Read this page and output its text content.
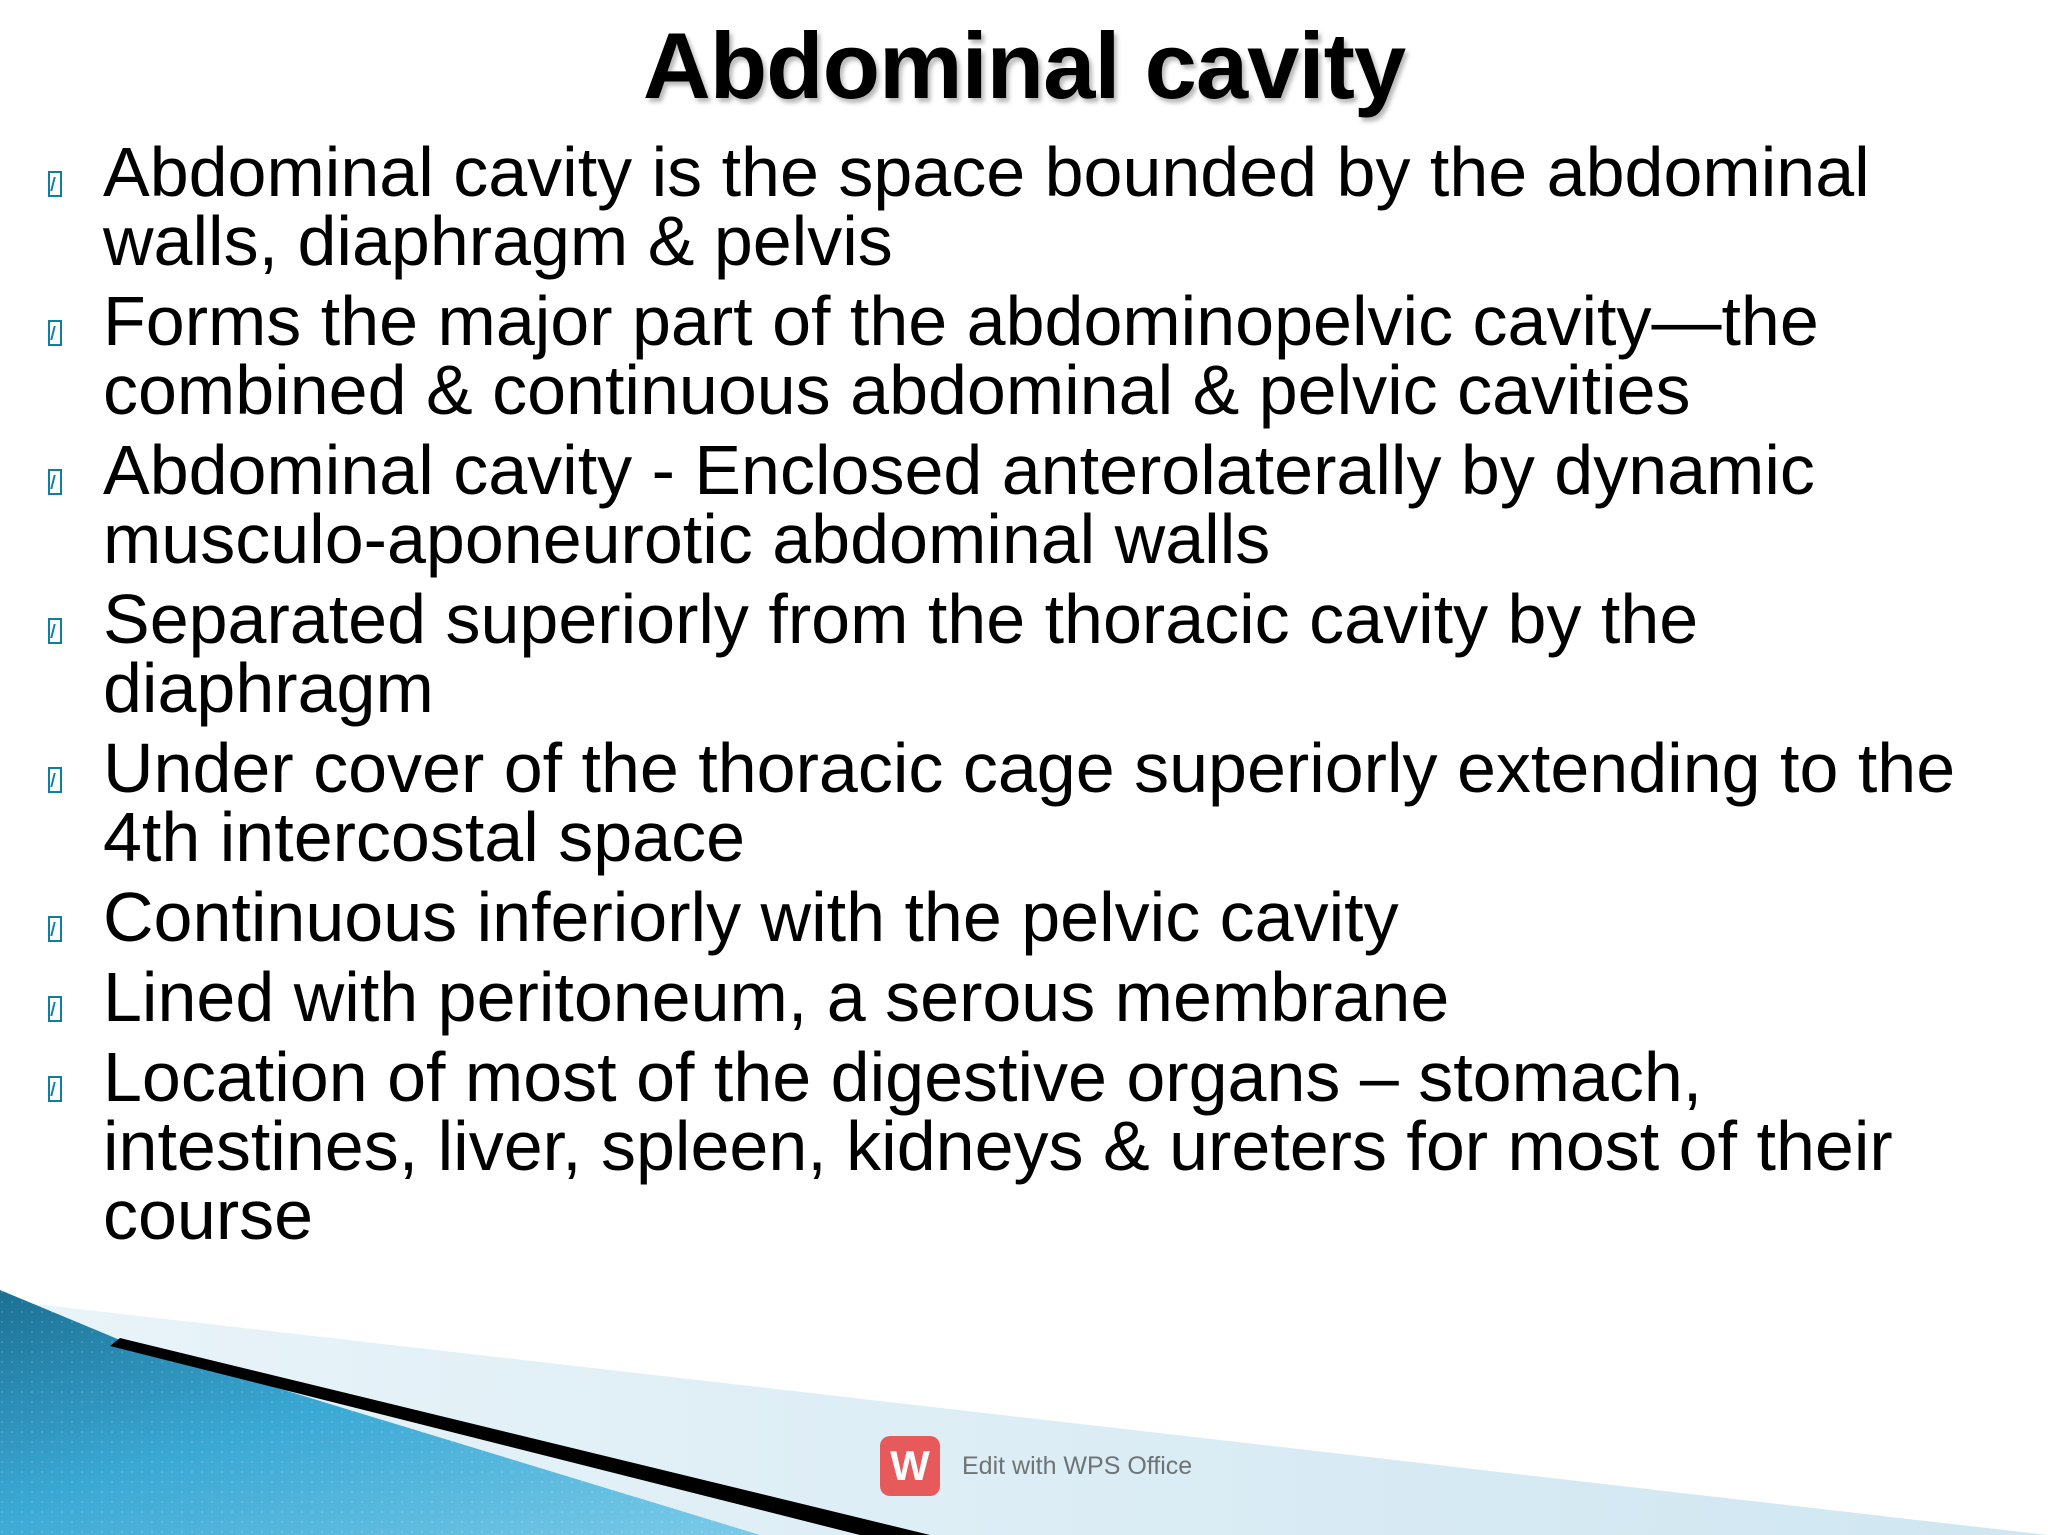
Abdominal cavity
Abdominal cavity is the space bounded by the abdominal walls, diaphragm & pelvis
Forms the major part of the abdominopelvic cavity—the combined & continuous abdominal & pelvic cavities
Abdominal cavity - Enclosed anterolaterally by dynamic musculo-aponeurotic abdominal walls
Separated superiorly from the thoracic cavity by the diaphragm
Under cover of the thoracic cage superiorly extending to the 4th intercostal space
Continuous inferiorly with the pelvic cavity
Lined with peritoneum, a serous membrane
Location of most of the digestive organs – stomach, intestines, liver, spleen, kidneys & ureters for most of their course
W	Edit with WPS Office
